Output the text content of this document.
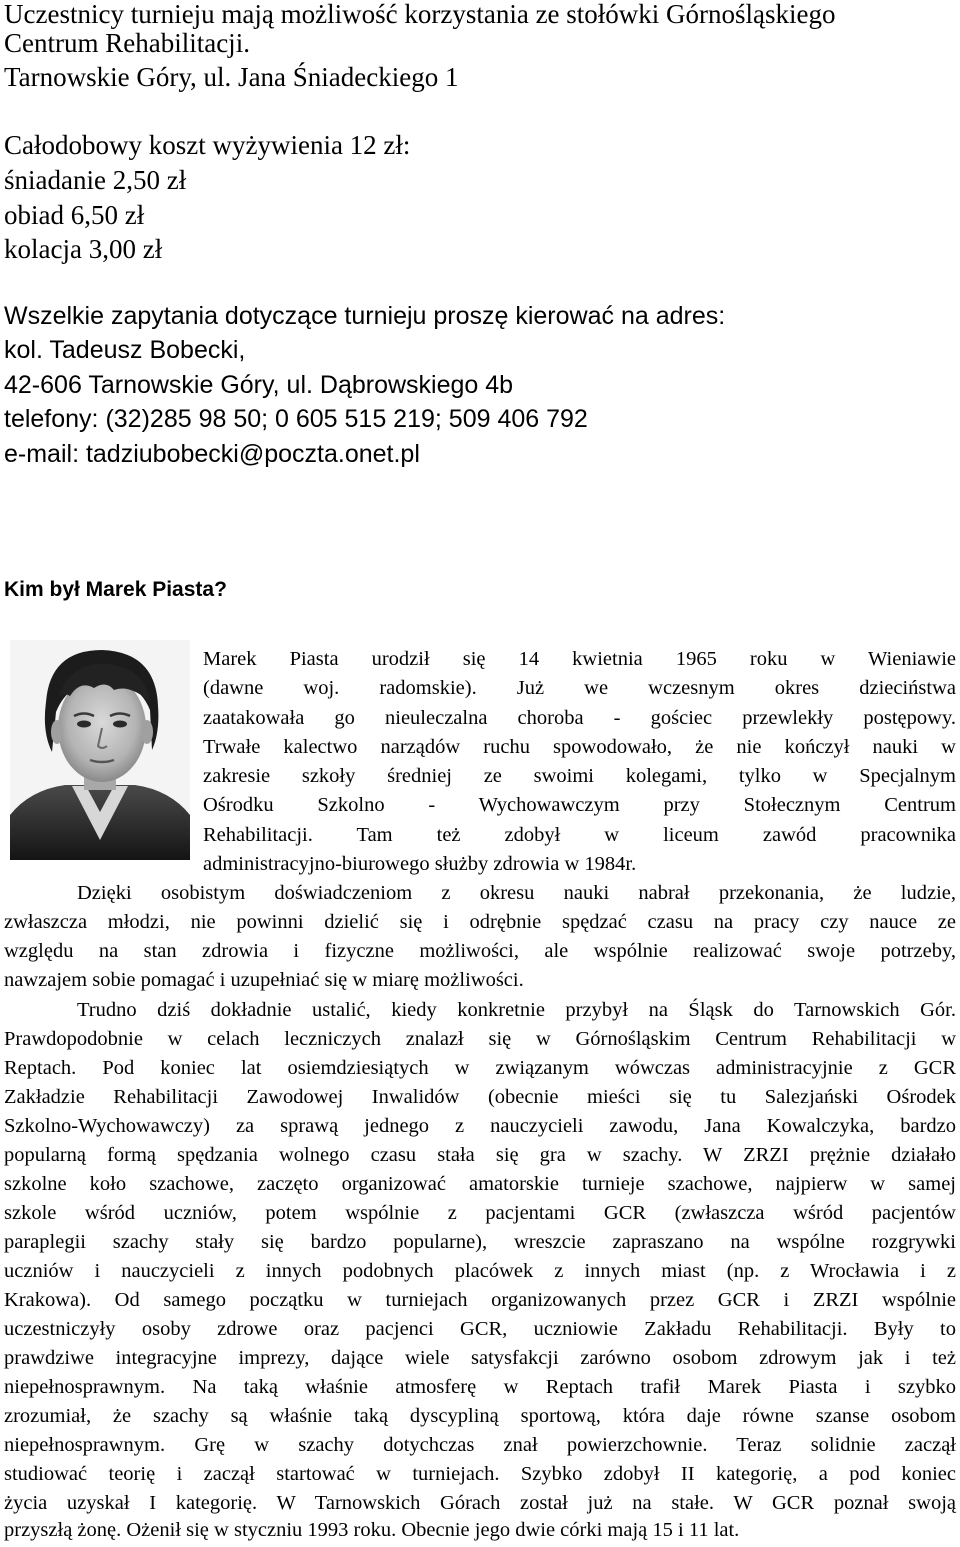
Uczestnicy turnieju mają możliwość korzystania ze stołówki Górnośląskiego
Centrum Rehabilitacji.
Tarnowskie Góry, ul. Jana Śniadeckiego 1
Całodobowy koszt wyżywienia 12 zł:
śniadanie 2,50 zł
obiad 6,50 zł
kolacja 3,00 zł
Wszelkie zapytania dotyczące turnieju proszę kierować na adres:
kol. Tadeusz Bobecki,
42-606 Tarnowskie Góry, ul. Dąbrowskiego 4b
telefony: (32)285 98 50; 0 605 515 219; 509 406 792
e-mail: tadziubobecki@poczta.onet.pl
Kim był Marek Piasta?
Marek Piasta urodził się 14 kwietnia 1965 roku w Wieniawie
(dawne woj. radomskie). Już we wczesnym okres dzieciństwa
zaatakowała go nieuleczalna choroba - gościec przewlekły postępowy.
Trwałe kalectwo narządów ruchu spowodowało, że nie kończył nauki w
zakresie szkoły średniej ze swoimi kolegami, tylko w Specjalnym
Ośrodku Szkolno - Wychowawczym przy Stołecznym Centrum
Rehabilitacji. Tam też zdobył w liceum zawód pracownika
administracyjno-biurowego służby zdrowia w 1984r.
Dzięki osobistym doświadczeniom z okresu nauki nabrał przekonania, że ludzie,
zwłaszcza młodzi, nie powinni dzielić się i odrębnie spędzać czasu na pracy czy nauce ze
względu na stan zdrowia i fizyczne możliwości, ale wspólnie realizować swoje potrzeby,
nawzajem sobie pomagać i uzupełniać się w miarę możliwości.
Trudno dziś dokładnie ustalić, kiedy konkretnie przybył na Śląsk do Tarnowskich Gór.
Prawdopodobnie w celach leczniczych znalazł się w Górnośląskim Centrum Rehabilitacji w
Reptach. Pod koniec lat osiemdziesiątych w związanym wówczas administracyjnie z GCR
Zakładzie Rehabilitacji Zawodowej Inwalidów (obecnie mieści się tu Salezjański Ośrodek
Szkolno-Wychowawczy) za sprawą jednego z nauczycieli zawodu, Jana Kowalczyka, bardzo
popularną formą spędzania wolnego czasu stała się gra w szachy. W ZRZI prężnie działało
szkolne koło szachowe, zaczęto organizować amatorskie turnieje szachowe, najpierw w samej
szkole wśród uczniów, potem wspólnie z pacjentami GCR (zwłaszcza wśród pacjentów
paraplegii szachy stały się bardzo popularne), wreszcie zapraszano na wspólne rozgrywki
uczniów i nauczycieli z innych podobnych placówek z innych miast (np. z Wrocławia i z
Krakowa). Od samego początku w turniejach organizowanych przez GCR i ZRZI wspólnie
uczestniczyły osoby zdrowe oraz pacjenci GCR, uczniowie Zakładu Rehabilitacji. Były to
prawdziwe integracyjne imprezy, dające wiele satysfakcji zarówno osobom zdrowym jak i też
niepełnosprawnym. Na taką właśnie atmosferę w Reptach trafił Marek Piasta i szybko
zrozumiał, że szachy są właśnie taką dyscypliną sportową, która daje równe szanse osobom
niepełnosprawnym. Grę w szachy dotychczas znał powierzchownie. Teraz solidnie zaczął
studiować teorię i zaczął startować w turniejach. Szybko zdobył II kategorię, a pod koniec
życia uzyskał I kategorię. W Tarnowskich Górach został już na stałe. W GCR poznał swoją
przyszłą żonę. Ożenił się w styczniu 1993 roku. Obecnie jego dwie córki mają 15 i 11 lat.
